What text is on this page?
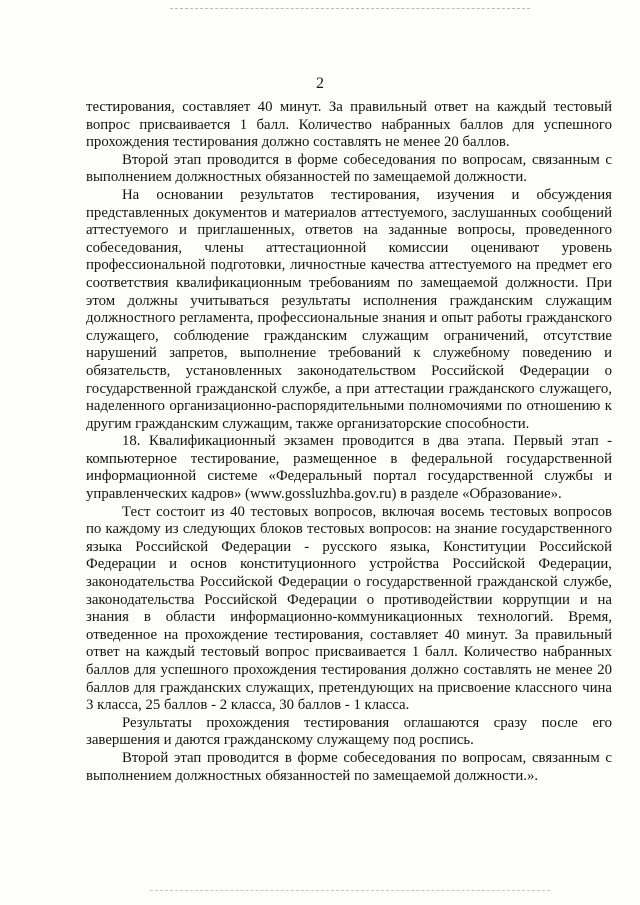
2

тестирования, составляет 40 минут. За правильный ответ на каждый тестовый вопрос присваивается 1 балл. Количество набранных баллов для успешного прохождения тестирования должно составлять не менее 20 баллов.

Второй этап проводится в форме собеседования по вопросам, связанным с выполнением должностных обязанностей по замещаемой должности.

На основании результатов тестирования, изучения и обсуждения представленных документов и материалов аттестуемого, заслушанных сообщений аттестуемого и приглашенных, ответов на заданные вопросы, проведенного собеседования, члены аттестационной комиссии оценивают уровень профессиональной подготовки, личностные качества аттестуемого на предмет его соответствия квалификационным требованиям по замещаемой должности. При этом должны учитываться результаты исполнения гражданским служащим должностного регламента, профессиональные знания и опыт работы гражданского служащего, соблюдение гражданским служащим ограничений, отсутствие нарушений запретов, выполнение требований к служебному поведению и обязательств, установленных законодательством Российской Федерации о государственной гражданской службе, а при аттестации гражданского служащего, наделенного организационно-распорядительными полномочиями по отношению к другим гражданским служащим, также организаторские способности.

18. Квалификационный экзамен проводится в два этапа. Первый этап - компьютерное тестирование, размещенное в федеральной государственной информационной системе «Федеральный портал государственной службы и управленческих кадров» (www.gossluzhba.gov.ru) в разделе «Образование».

Тест состоит из 40 тестовых вопросов, включая восемь тестовых вопросов по каждому из следующих блоков тестовых вопросов: на знание государственного языка Российской Федерации - русского языка, Конституции Российской Федерации и основ конституционного устройства Российской Федерации, законодательства Российской Федерации о государственной гражданской службе, законодательства Российской Федерации о противодействии коррупции и на знания в области информационно-коммуникационных технологий. Время, отведенное на прохождение тестирования, составляет 40 минут. За правильный ответ на каждый тестовый вопрос присваивается 1 балл. Количество набранных баллов для успешного прохождения тестирования должно составлять не менее 20 баллов для гражданских служащих, претендующих на присвоение классного чина 3 класса, 25 баллов - 2 класса, 30 баллов - 1 класса.

Результаты прохождения тестирования оглашаются сразу после его завершения и даются гражданскому служащему под роспись.

Второй этап проводится в форме собеседования по вопросам, связанным с выполнением должностных обязанностей по замещаемой должности.».
